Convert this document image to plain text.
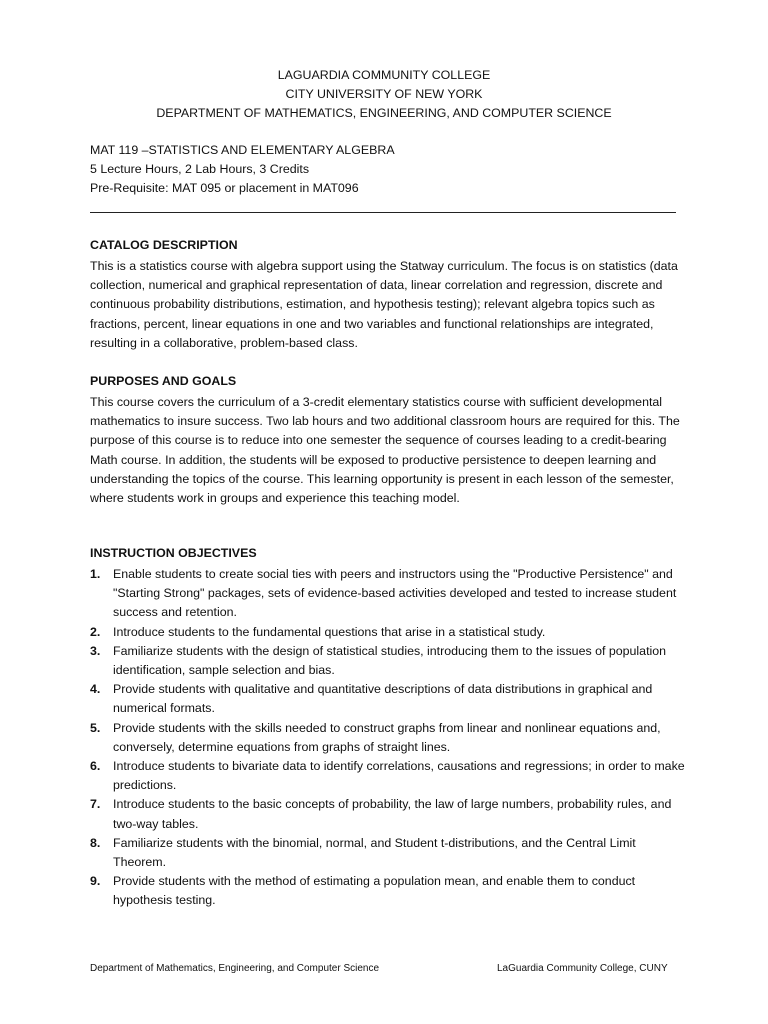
LAGUARDIA COMMUNITY COLLEGE
CITY UNIVERSITY OF NEW YORK
DEPARTMENT OF MATHEMATICS, ENGINEERING, AND COMPUTER SCIENCE
MAT 119 –STATISTICS AND ELEMENTARY ALGEBRA
5 Lecture Hours, 2 Lab Hours, 3 Credits
Pre-Requisite: MAT 095 or placement in MAT096
CATALOG DESCRIPTION

This is a statistics course with algebra support using the Statway curriculum. The focus is on statistics (data collection, numerical and graphical representation of data, linear correlation and regression, discrete and continuous probability distributions, estimation, and hypothesis testing); relevant algebra topics such as fractions, percent, linear equations in one and two variables and functional relationships are integrated, resulting in a collaborative, problem-based class.

PURPOSES AND GOALS

This course covers the curriculum of a 3-credit elementary statistics course with sufficient developmental mathematics to insure success. Two lab hours and two additional classroom hours are required for this. The purpose of this course is to reduce into one semester the sequence of courses leading to a credit-bearing Math course. In addition, the students will be exposed to productive persistence to deepen learning and understanding the topics of the course. This learning opportunity is present in each lesson of the semester, where students work in groups and experience this teaching model.

INSTRUCTION OBJECTIVES
1. Enable students to create social ties with peers and instructors using the "Productive Persistence" and "Starting Strong" packages, sets of evidence-based activities developed and tested to increase student success and retention.
2. Introduce students to the fundamental questions that arise in a statistical study.
3. Familiarize students with the design of statistical studies, introducing them to the issues of population identification, sample selection and bias.
4. Provide students with qualitative and quantitative descriptions of data distributions in graphical and numerical formats.
5. Provide students with the skills needed to construct graphs from linear and nonlinear equations and, conversely, determine equations from graphs of straight lines.
6. Introduce students to bivariate data to identify correlations, causations and regressions; in order to make predictions.
7. Introduce students to the basic concepts of probability, the law of large numbers, probability rules, and two-way tables.
8. Familiarize students with the binomial, normal, and Student t-distributions, and the Central Limit Theorem.
9. Provide students with the method of estimating a population mean, and enable them to conduct hypothesis testing.
Department of Mathematics, Engineering, and Computer Science	LaGuardia Community College, CUNY
